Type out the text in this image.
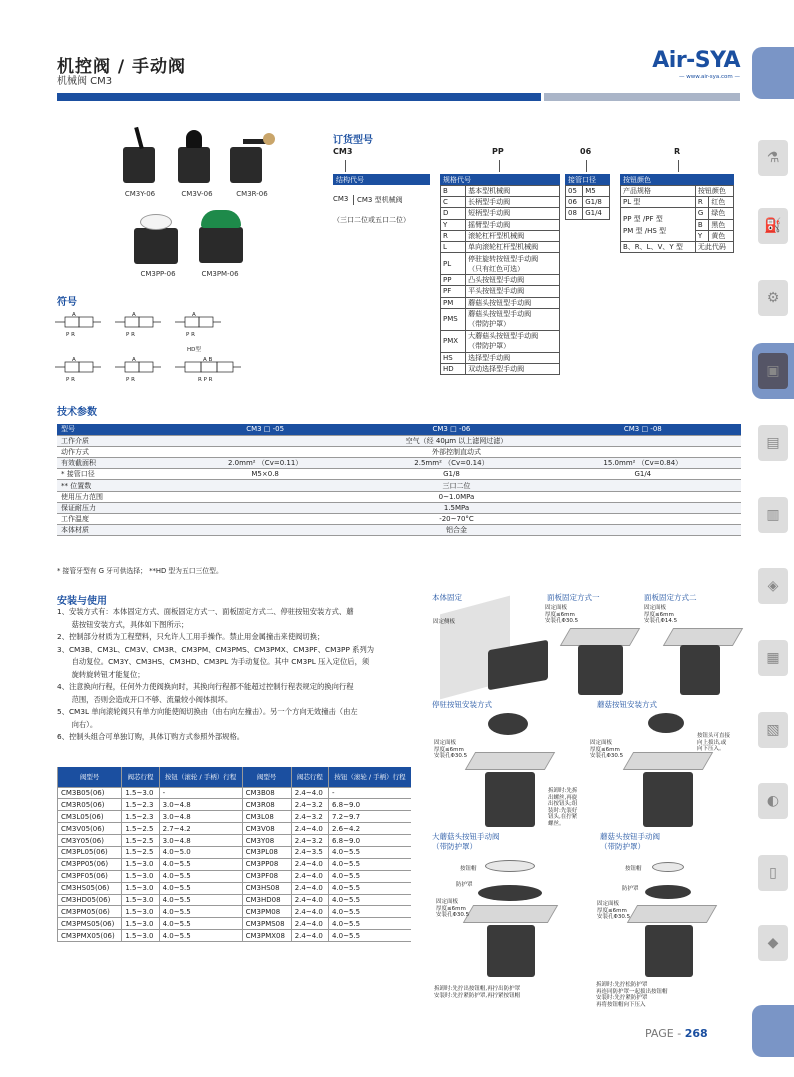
机控阀 / 手动阀
机械阀 CM3
Air-SYA
— www.air-sya.com —
⚗
⛽
⚙
▣
▤
▥
◈
▦
▧
◐
▯
◆
CM3Y-06	CM3V-06	CM3R-06
CM3PP-06	CM3PM-06
符号
A
P R
A
P R
A
P R
HD型
A
P R
A
P R
A B
R P R
订货型号
CM3	PP	06	R
结构代号
CM3	CM3 型机械阀
（三口二位或五口二位）
规格代号
B	基本型机械阀
C	长柄型手动阀
D	短柄型手动阀
Y	摇臂型手动阀
R	滚轮杠杆型机械阀
L	单向滚轮杠杆型机械阀
PL	停驻旋转按钮型手动阀
（只有红色可选）
PP	凸头按钮型手动阀
PF	平头按钮型手动阀
PM	蘑菇头按钮型手动阀
PMS	蘑菇头按钮型手动阀
（带防护罩）
PMX	大蘑菇头按钮型手动阀
（带防护罩）
HS	选择型手动阀
HD	双动选择型手动阀
接管口径
05	M5
06	G1/8
08	G1/4
按钮颜色
产品规格	按钮颜色	
PL 型	R	红色
PP 型 /PF 型
PM 型 /HS 型	G	绿色
	B	黑色
	Y	黄色
B、R、L、V、Y 型	无此代码	
技术参数
型号	CM3 □ -05	CM3 □ -06	CM3 □ -08
工作介质	空气（经 40μm 以上滤网过滤）		
动作方式	外部控制直动式		
有效截面积	2.0mm² （Cv=0.11）	2.5mm² （Cv=0.14）	15.0mm² （Cv=0.84）
* 接管口径	M5×0.8	G1/8	G1/4
** 位置数	三口二位		
使用压力范围	0~1.0MPa		
保证耐压力	1.5MPa		
工作温度	-20~70°C		
本体材质	铝合金		
* 接管牙型有 G 牙可供选择； **HD 型为五口三位型。
安装与使用
1、安装方式有：本体固定方式、面板固定方式一、面板固定方式二、停驻按钮安装方式、蘑
　　菇按钮安装方式，具体如下图所示；
2、控制部分材质为工程塑料，只允许人工用手操作。禁止用金属撞击来使阀切换；
3、CM3B、CM3L、CM3V、CM3R、CM3PM、CM3PMS、CM3PMX、CM3PF、CM3PP 系列为
　　自动复位。CM3Y、CM3HS、CM3HD、CM3PL 为手动复位。其中 CM3PL 压入定位后，须
　　旋转旋转钮才能复位；
4、注意换向行程，任何外力使阀换向时，其换向行程都不能超过控制行程表规定的换向行程
　　范围，否则会造成开口不够、流量较小阀体损坏。
5、CM3L 单向滚轮阀只有单方向能使阀切换由（由右向左撞击）。另一个方向无效撞击（由左
　　向右）。
6、控制头组合可单独订购，具体订购方式参照外部规格。
阀型号	阀芯行程	按钮（滚轮 / 手柄）行程	阀型号	阀芯行程	按钮（滚轮 / 手柄）行程
CM3B05(06)	1.5~3.0	-	CM3B08	2.4~4.0	-
CM3R05(06)	1.5~2.3	3.0~4.8	CM3R08	2.4~3.2	6.8~9.0
CM3L05(06)	1.5~2.3	3.0~4.8	CM3L08	2.4~3.2	7.2~9.7
CM3V05(06)	1.5~2.5	2.7~4.2	CM3V08	2.4~4.0	2.6~4.2
CM3Y05(06)	1.5~2.5	3.0~4.8	CM3Y08	2.4~3.2	6.8~9.0
CM3PL05(06)	1.5~2.5	4.0~5.0	CM3PL08	2.4~3.5	4.0~5.5
CM3PP05(06)	1.5~3.0	4.0~5.5	CM3PP08	2.4~4.0	4.0~5.5
CM3PF05(06)	1.5~3.0	4.0~5.5	CM3PF08	2.4~4.0	4.0~5.5
CM3HS05(06)	1.5~3.0	4.0~5.5	CM3HS08	2.4~4.0	4.0~5.5
CM3HD05(06)	1.5~3.0	4.0~5.5	CM3HD08	2.4~4.0	4.0~5.5
CM3PM05(06)	1.5~3.0	4.0~5.5	CM3PM08	2.4~4.0	4.0~5.5
CM3PMS05(06)	1.5~3.0	4.0~5.5	CM3PMS08	2.4~4.0	4.0~5.5
CM3PMX05(06)	1.5~3.0	4.0~5.5	CM3PMX08	2.4~4.0	4.0~5.5
本体固定
固定侧板
面板固定方式一
固定面板
厚度≤6mm
安装孔Φ30.5
面板固定方式二
固定面板
厚度≤6mm
安装孔Φ14.5
停驻按钮安装方式
固定面板
厚度≤6mm
安装孔Φ30.5
拆卸时:先拆
出螺丝,再旋
出按钮头;组
装时:先装好
钮头,在拧紧
螺丝。
蘑菇按钮安装方式
固定面板
厚度≤6mm
安装孔Φ30.5
按钮头可直接
向上拔出,或
向下压入。
大蘑菇头按钮手动阀
（带防护罩）
按钮帽
防护罩
固定面板
厚度≤6mm
安装孔Φ30.5
拆卸时:先拧出按钮帽,再拧出防护罩
安装时:先拧紧防护罩,再拧紧按钮帽
蘑菇头按钮手动阀
（带防护罩）
按钮帽
防护罩
固定面板
厚度≤6mm
安装孔Φ30.5
拆卸时:先拧松防护罩
再连同防护罩一起拔出按钮帽
安装时:先拧紧防护罩
再将按钮帽向下压入
PAGE - 268
